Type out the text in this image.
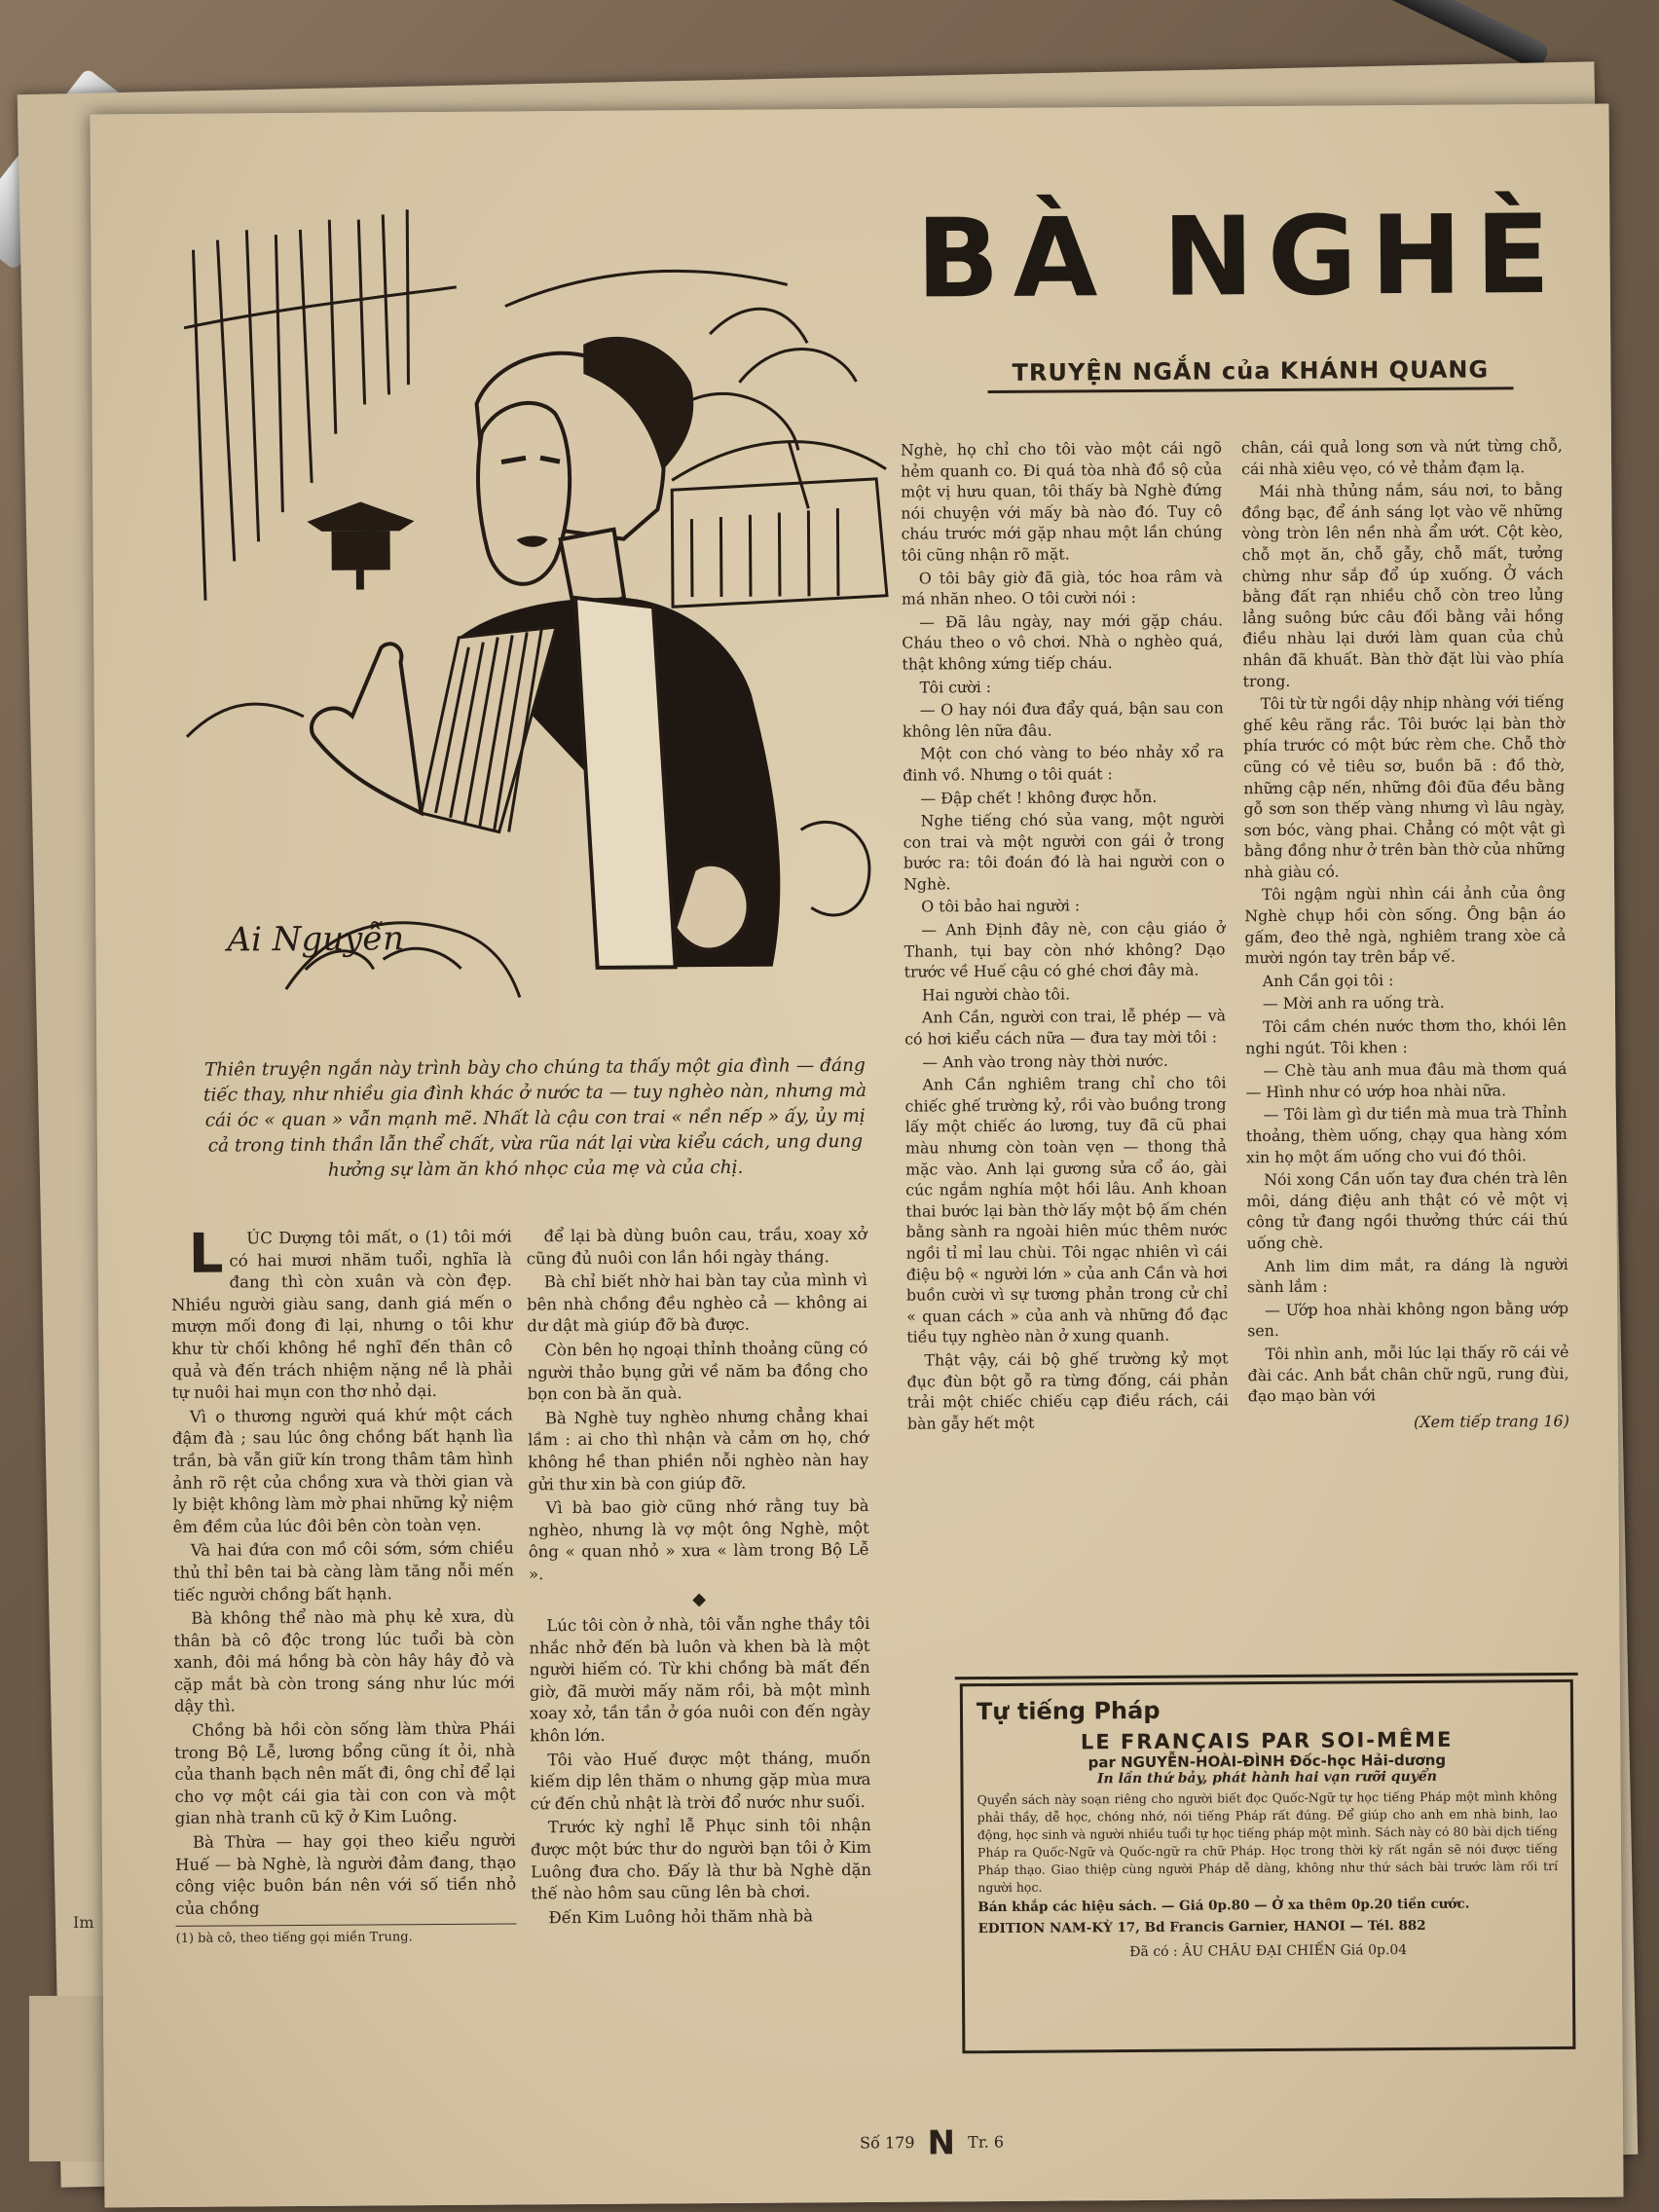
Im
Ai Nguyễn
Thiên truyện ngắn này trình bày cho chúng ta thấy một gia đình — đáng tiếc thay, như nhiều gia đình khác ở nước ta — tuy nghèo nàn, nhưng mà cái óc « quan » vẫn mạnh mẽ. Nhất là cậu con trai « nền nếp » ấy, ủy mị cả trong tinh thần lẫn thể chất, vừa rũa nát lại vừa kiểu cách, ung dung hưởng sự làm ăn khó nhọc của mẹ và của chị.
BÀ NGHÈ
TRUYỆN NGẮN của KHÁNH QUANG

LÚC Dượng tôi mất, o (1) tôi mới có hai mươi nhăm tuổi, nghĩa là đang thì còn xuân và còn đẹp. Nhiều người giàu sang, danh giá mến o mượn mối đong đi lại, nhưng o tôi khư khư từ chối không hề nghĩ đến thân cô quả và đến trách nhiệm nặng nề là phải tự nuôi hai mụn con thơ nhỏ dại.

Vì o thương người quá khứ một cách đậm đà ; sau lúc ông chồng bất hạnh lìa trần, bà vẫn giữ kín trong thâm tâm hình ảnh rõ rệt của chồng xưa và thời gian và ly biệt không làm mờ phai những kỷ niệm êm đềm của lúc đôi bên còn toàn vẹn.

Và hai đứa con mồ côi sớm, sớm chiều thủ thỉ bên tai bà càng làm tăng nỗi mến tiếc người chồng bất hạnh.

Bà không thể nào mà phụ kẻ xưa, dù thân bà cô độc trong lúc tuổi bà còn xanh, đôi má hồng bà còn hây hây đỏ và cặp mắt bà còn trong sáng như lúc mới dậy thì.

Chồng bà hồi còn sống làm thừa Phái trong Bộ Lễ, lương bổng cũng ít ỏi, nhà của thanh bạch nên mất đi, ông chỉ để lại cho vợ một cái gia tài con con và một gian nhà tranh cũ kỹ ở Kim Luông.

Bà Thừa — hay gọi theo kiểu người Huế — bà Nghè, là người đảm đang, thạo công việc buôn bán nên với số tiền nhỏ của chồng

(1) bà cô, theo tiếng gọi miền Trung.

để lại bà dùng buôn cau, trầu, xoay xở cũng đủ nuôi con lần hồi ngày tháng.

Bà chỉ biết nhờ hai bàn tay của mình vì bên nhà chồng đều nghèo cả — không ai dư dật mà giúp đỡ bà được.

Còn bên họ ngoại thỉnh thoảng cũng có người thảo bụng gửi về năm ba đồng cho bọn con bà ăn quà.

Bà Nghè tuy nghèo nhưng chẳng khai lầm : ai cho thì nhận và cảm ơn họ, chớ không hề than phiền nỗi nghèo nàn hay gửi thư xin bà con giúp đỡ.

Vì bà bao giờ cũng nhớ rằng tuy bà nghèo, nhưng là vợ một ông Nghè, một ông « quan nhỏ » xưa « làm trong Bộ Lễ ».

◆

Lúc tôi còn ở nhà, tôi vẫn nghe thầy tôi nhắc nhở đến bà luôn và khen bà là một người hiếm có. Từ khi chồng bà mất đến giờ, đã mười mấy năm rồi, bà một mình xoay xở, tần tần ở góa nuôi con đến ngày khôn lớn.

Tôi vào Huế được một tháng, muốn kiếm dịp lên thăm o nhưng gặp mùa mưa cứ đến chủ nhật là trời đổ nước như suối.

Trước kỳ nghỉ lễ Phục sinh tôi nhận được một bức thư do người bạn tôi ở Kim Luông đưa cho. Đấy là thư bà Nghè dặn thế nào hôm sau cũng lên bà chơi.

Đến Kim Luông hỏi thăm nhà bà

Nghè, họ chỉ cho tôi vào một cái ngõ hẻm quanh co. Đi quá tòa nhà đồ sộ của một vị hưu quan, tôi thấy bà Nghè đứng nói chuyện với mấy bà nào đó. Tuy cô cháu trước mới gặp nhau một lần chúng tôi cũng nhận rõ mặt.

O tôi bây giờ đã già, tóc hoa râm và má nhăn nheo. O tôi cười nói :

— Đã lâu ngày, nay mới gặp cháu. Cháu theo o vô chơi. Nhà o nghèo quá, thật không xứng tiếp cháu.

Tôi cười :

— O hay nói đưa đẩy quá, bận sau con không lên nữa đâu.

Một con chó vàng to béo nhảy xổ ra đinh vồ. Nhưng o tôi quát :

— Đập chết ! không được hỗn.

Nghe tiếng chó sủa vang, một người con trai và một người con gái ở trong bước ra: tôi đoán đó là hai người con o Nghè.

O tôi bảo hai người :

— Anh Định đây nè, con cậu giáo ở Thanh, tụi bay còn nhớ không? Dạo trước về Huế cậu có ghé chơi đây mà.

Hai người chào tôi.

Anh Cần, người con trai, lễ phép — và có hơi kiểu cách nữa — đưa tay mời tôi :

— Anh vào trong này thời nước.

Anh Cần nghiêm trang chỉ cho tôi chiếc ghế trường kỷ, rồi vào buồng trong lấy một chiếc áo lương, tuy đã cũ phai màu nhưng còn toàn vẹn — thong thả mặc vào. Anh lại gương sửa cổ áo, gài cúc ngắm nghía một hồi lâu. Anh khoan thai bước lại bàn thờ lấy một bộ ấm chén bằng sành ra ngoài hiên múc thêm nước ngồi tỉ mỉ lau chùi. Tôi ngạc nhiên vì cái điệu bộ « người lớn » của anh Cần và hơi buồn cười vì sự tương phản trong cử chỉ « quan cách » của anh và những đồ đạc tiều tụy nghèo nàn ở xung quanh.

Thật vậy, cái bộ ghế trường kỷ mọt đục đùn bột gỗ ra từng đống, cái phản trải một chiếc chiếu cạp điều rách, cái bàn gẫy hết một

chân, cái quả long sơn và nứt từng chỗ, cái nhà xiêu vẹo, có vẻ thảm đạm lạ.

Mái nhà thủng nắm, sáu nơi, to bằng đồng bạc, để ánh sáng lọt vào vẽ những vòng tròn lên nền nhà ẩm ướt. Cột kèo, chỗ mọt ăn, chỗ gẫy, chỗ mất, tưởng chừng như sắp đổ úp xuống. Ở vách bằng đất rạn nhiều chỗ còn treo lủng lẳng suông bức câu đối bằng vải hồng điều nhàu lại dưới làm quan của chủ nhân đã khuất. Bàn thờ đặt lùi vào phía trong.

Tôi từ từ ngồi dậy nhịp nhàng với tiếng ghế kêu răng rắc. Tôi bước lại bàn thờ phía trước có một bức rèm che. Chỗ thờ cũng có vẻ tiêu sơ, buồn bã : đồ thờ, những cập nến, những đôi đũa đều bằng gỗ sơn son thếp vàng nhưng vì lâu ngày, sơn bóc, vàng phai. Chẳng có một vật gì bằng đồng như ở trên bàn thờ của những nhà giàu có.

Tôi ngậm ngùi nhìn cái ảnh của ông Nghè chụp hồi còn sống. Ông bận áo gấm, đeo thẻ ngà, nghiêm trang xòe cả mười ngón tay trên bắp vế.

Anh Cần gọi tôi :

— Mời anh ra uống trà.

Tôi cầm chén nước thơm tho, khói lên nghi ngút. Tôi khen :

— Chè tàu anh mua đâu mà thơm quá — Hình như có ướp hoa nhài nữa.

— Tôi làm gì dư tiền mà mua trà Thỉnh thoảng, thèm uống, chạy qua hàng xóm xin họ một ấm uống cho vui đó thôi.

Nói xong Cần uốn tay đưa chén trà lên môi, dáng điệu anh thật có vẻ một vị công tử đang ngồi thưởng thức cái thú uống chè.

Anh lim dim mắt, ra dáng là người sành lắm :

— Ướp hoa nhài không ngon bằng ướp sen.

Tôi nhìn anh, mỗi lúc lại thấy rõ cái vẻ đài các. Anh bắt chân chữ ngũ, rung đùi, đạo mạo bàn với

(Xem tiếp trang 16)
Tự tiếng Pháp
LE FRANÇAIS PAR SOI-MÊME
par NGUYỄN-HOÀI-ĐÌNH Đốc-học Hải-dương
In lần thứ bảy, phát hành hai vạn rưỡi quyển
Quyển sách này soạn riêng cho người biết đọc Quốc-Ngữ tự học tiếng Pháp một mình không phải thầy, dễ học, chóng nhớ, nói tiếng Pháp rất đúng. Để giúp cho anh em nhà binh, lao động, học sinh và người nhiều tuổi tự học tiếng pháp một mình. Sách này có 80 bài dịch tiếng Pháp ra Quốc-Ngữ và Quốc-ngữ ra chữ Pháp. Học trong thời kỳ rất ngắn sẽ nói được tiếng Pháp thạo. Giao thiệp cùng người Pháp dễ dàng, không như thứ sách bài trước làm rối trí người học.
Bán khắp các hiệu sách. — Giá 0p.80 — Ở xa thêm 0p.20 tiền cước.
EDITION NAM-KỲ 17, Bd Francis Garnier, HANOI — Tél. 882
Đã có : ÂU CHÂU ĐẠI CHIẾN Giá 0p.04
Số 179 N Tr. 6
